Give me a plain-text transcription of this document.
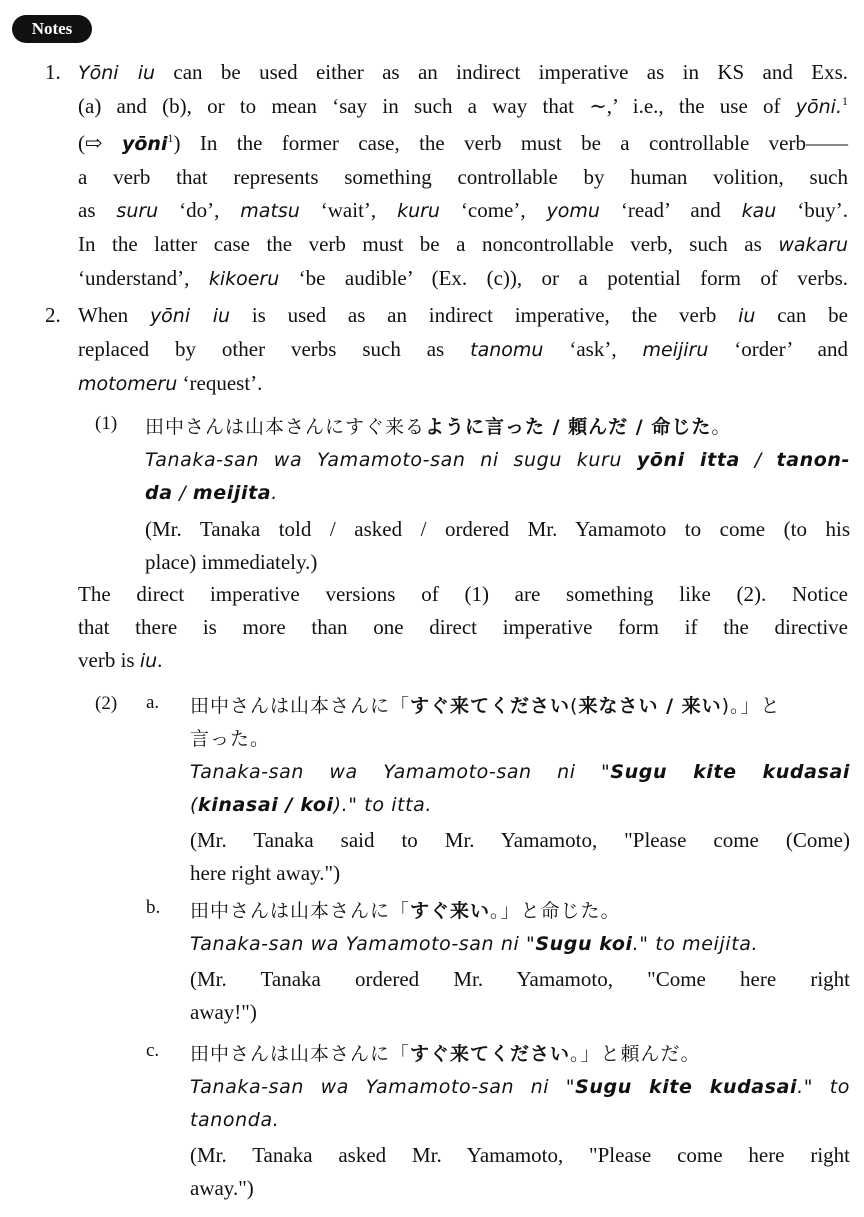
Notes
1. Yōni iu can be used either as an indirect imperative as in KS and Exs.
(a) and (b), or to mean ‘say in such a way that ∼,’ i.e., the use of yōni.$^1$
(⇨ yōni$^1$) In the former case, the verb must be a controllable verb——
a verb that represents something controllable by human volition, such
as suru ‘do’, matsu ‘wait’, kuru ‘come’, yomu ‘read’ and kau ‘buy’.
In the latter case the verb must be a noncontrollable verb, such as wakaru
‘understand’, kikoeru ‘be audible’ (Ex. (c)), or a potential form of verbs.
2. When yōni iu is used as an indirect imperative, the verb iu can be
replaced by other verbs such as tanomu ‘ask’, meijiru ‘order’ and
motomeru ‘request’.
(1) 田中さんは山本さんにすぐ来るように言った / 頼んだ / 命じた。
Tanaka-san wa Yamamoto-san ni sugu kuru yōni itta / tanon-
da / meijita.
(Mr. Tanaka told / asked / ordered Mr. Yamamoto to come (to his
place) immediately.)
The direct imperative versions of (1) are something like (2). Notice
that there is more than one direct imperative form if the directive
verb is iu.
(2) a. 田中さんは山本さんに「すぐ来てください(来なさい / 来い)。」と
言った。
Tanaka-san wa Yamamoto-san ni "Sugu kite kudasai
(kinasai / koi)." to itta.
(Mr. Tanaka said to Mr. Yamamoto, "Please come (Come)
here right away.")
b. 田中さんは山本さんに「すぐ来い。」と命じた。
Tanaka-san wa Yamamoto-san ni "Sugu koi." to meijita.
(Mr. Tanaka ordered Mr. Yamamoto, "Come here right
away!")
c. 田中さんは山本さんに「すぐ来てください。」と頼んだ。
Tanaka-san wa Yamamoto-san ni "Sugu kite kudasai." to
tanonda.
(Mr. Tanaka asked Mr. Yamamoto, "Please come here right
away.")
